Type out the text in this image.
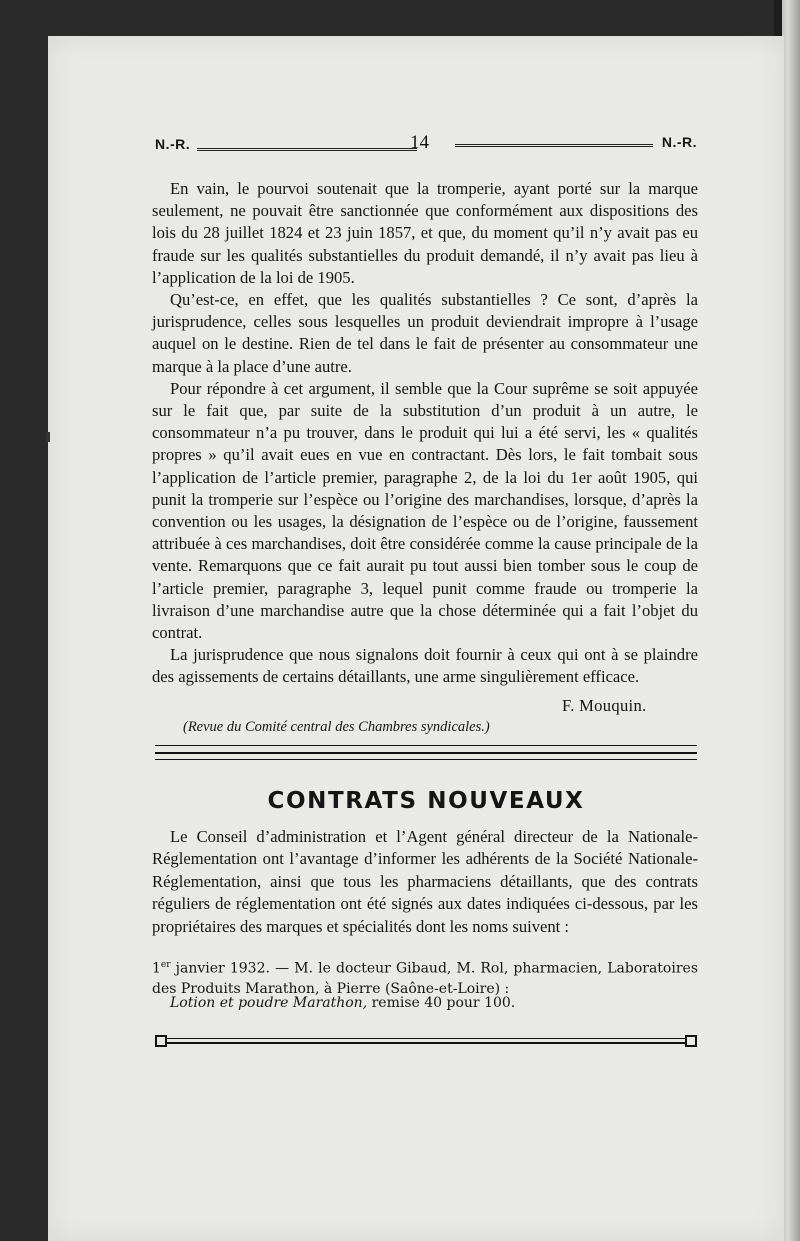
N.-R.	N.-R.
14

En vain, le pourvoi soutenait que la tromperie, ayant porté sur la marque seulement, ne pouvait être sanctionnée que conformément aux dispositions des lois du 28 juillet 1824 et 23 juin 1857, et que, du moment qu’il n’y avait pas eu fraude sur les qualités substantielles du produit demandé, il n’y avait pas lieu à l’application de la loi de 1905.

Qu’est-ce, en effet, que les qualités substantielles ? Ce sont, d’après la jurisprudence, celles sous lesquelles un produit deviendrait impropre à l’usage auquel on le destine. Rien de tel dans le fait de présenter au consommateur une marque à la place d’une autre.

Pour répondre à cet argument, il semble que la Cour suprême se soit appuyée sur le fait que, par suite de la substitution d’un produit à un autre, le consommateur n’a pu trouver, dans le produit qui lui a été servi, les « qualités propres » qu’il avait eues en vue en contractant. Dès lors, le fait tombait sous l’application de l’article premier, paragraphe 2, de la loi du 1er août 1905, qui punit la tromperie sur l’espèce ou l’origine des marchandises, lorsque, d’après la convention ou les usages, la désignation de l’espèce ou de l’origine, faussement attribuée à ces marchandises, doit être considérée comme la cause principale de la vente. Remarquons que ce fait aurait pu tout aussi bien tomber sous le coup de l’article premier, paragraphe 3, lequel punit comme fraude ou tromperie la livraison d’une marchandise autre que la chose déterminée qui a fait l’objet du contrat.

La jurisprudence que nous signalons doit fournir à ceux qui ont à se plaindre des agissements de certains détaillants, une arme singulièrement efficace.

F. Mouquin.
(Revue du Comité central des Chambres syndicales.)
CONTRATS NOUVEAUX
Le Conseil d’administration et l’Agent général directeur de la Nationale-Réglementation ont l’avantage d’informer les adhérents de la Société Nationale-Réglementation, ainsi que tous les pharmaciens détaillants, que des contrats réguliers de réglementation ont été signés aux dates indiquées ci-dessous, par les propriétaires des marques et spécialités dont les noms suivent :
1er janvier 1932. — M. le docteur Gibaud, M. Rol, pharmacien, Laboratoires des Produits Marathon, à Pierre (Saône-et-Loire) :
Lotion et poudre Marathon, remise 40 pour 100.
